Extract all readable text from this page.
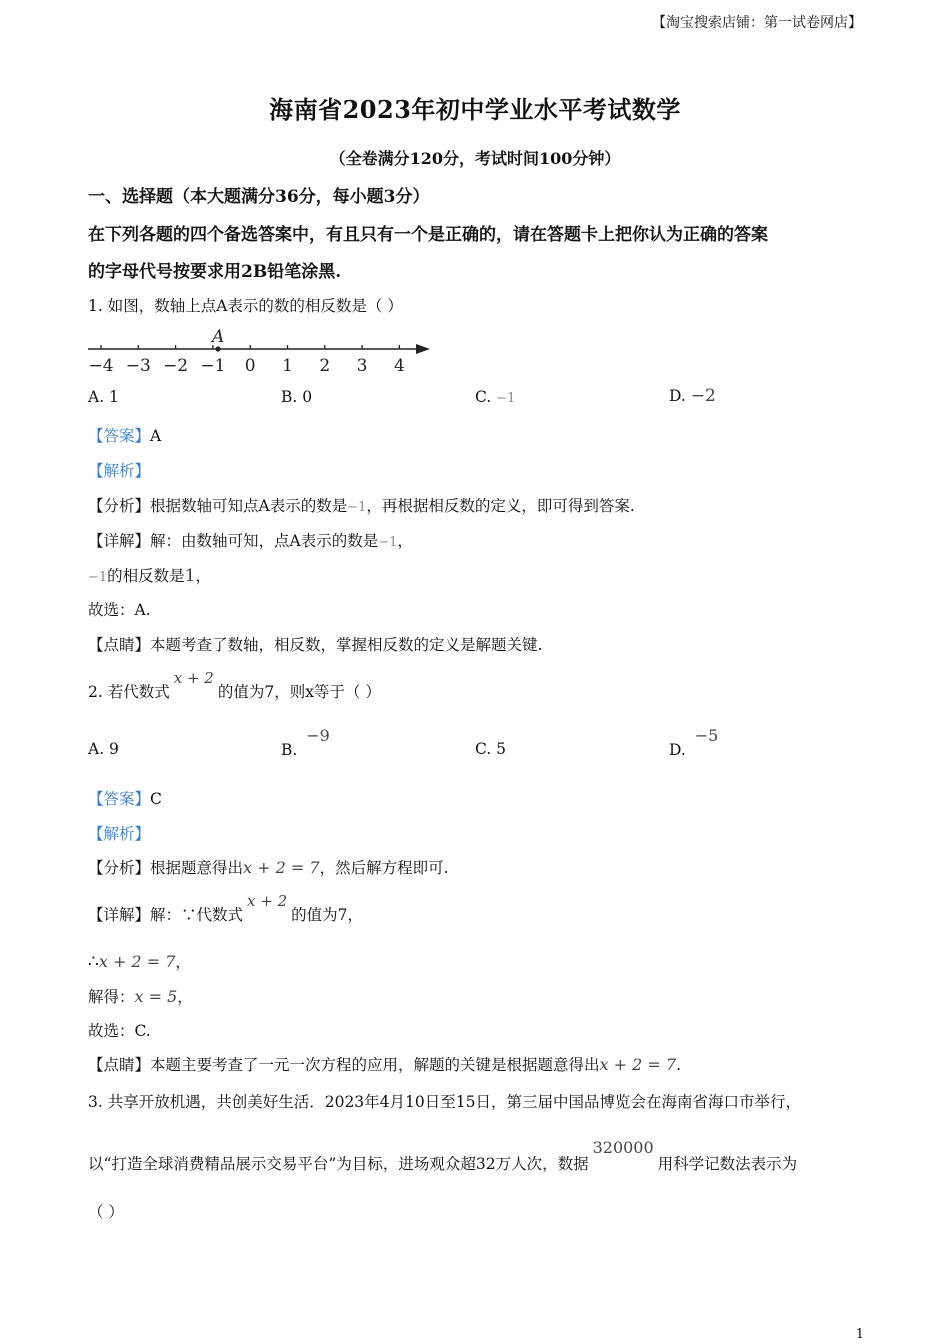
【淘宝搜索店铺：第一试卷网店】
海南省2023年初中学业水平考试数学
（全卷满分120分，考试时间100分钟）
一、选择题（本大题满分36分，每小题3分）
在下列各题的四个备选答案中，有且只有一个是正确的，请在答题卡上把你认为正确的答案
的字母代号按要求用2B铅笔涂黑.
1. 如图，数轴上点A表示的数的相反数是（ ）
−4 −3 −2 −1 0 1 2 3 4
A
A. 1	B. 0	C. −1	D. −2
【答案】A
【解析】
【分析】根据数轴可知点A表示的数是−1，再根据相反数的定义，即可得到答案.
【详解】解：由数轴可知，点A表示的数是−1，
−1的相反数是1，
故选：A.
【点睛】本题考查了数轴，相反数，掌握相反数的定义是解题关键.
2. 若代数式x + 2的值为7，则x等于（ ）
A. 9	B. −9
C. 5	D. −5
【答案】C
【解析】
【分析】根据题意得出x + 2 = 7，然后解方程即可.
【详解】解：∵代数式x + 2的值为7，
∴x + 2 = 7，
解得：x = 5，
故选：C.
【点睛】本题主要考查了一元一次方程的应用，解题的关键是根据题意得出x + 2 = 7.
3. 共享开放机遇，共创美好生活．2023年4月10日至15日，第三届中国品博览会在海南省海口市举行，
以“打造全球消费精品展示交易平台”为目标，进场观众超32万人次，数据320000用科学记数法表示为
（ ）
1
